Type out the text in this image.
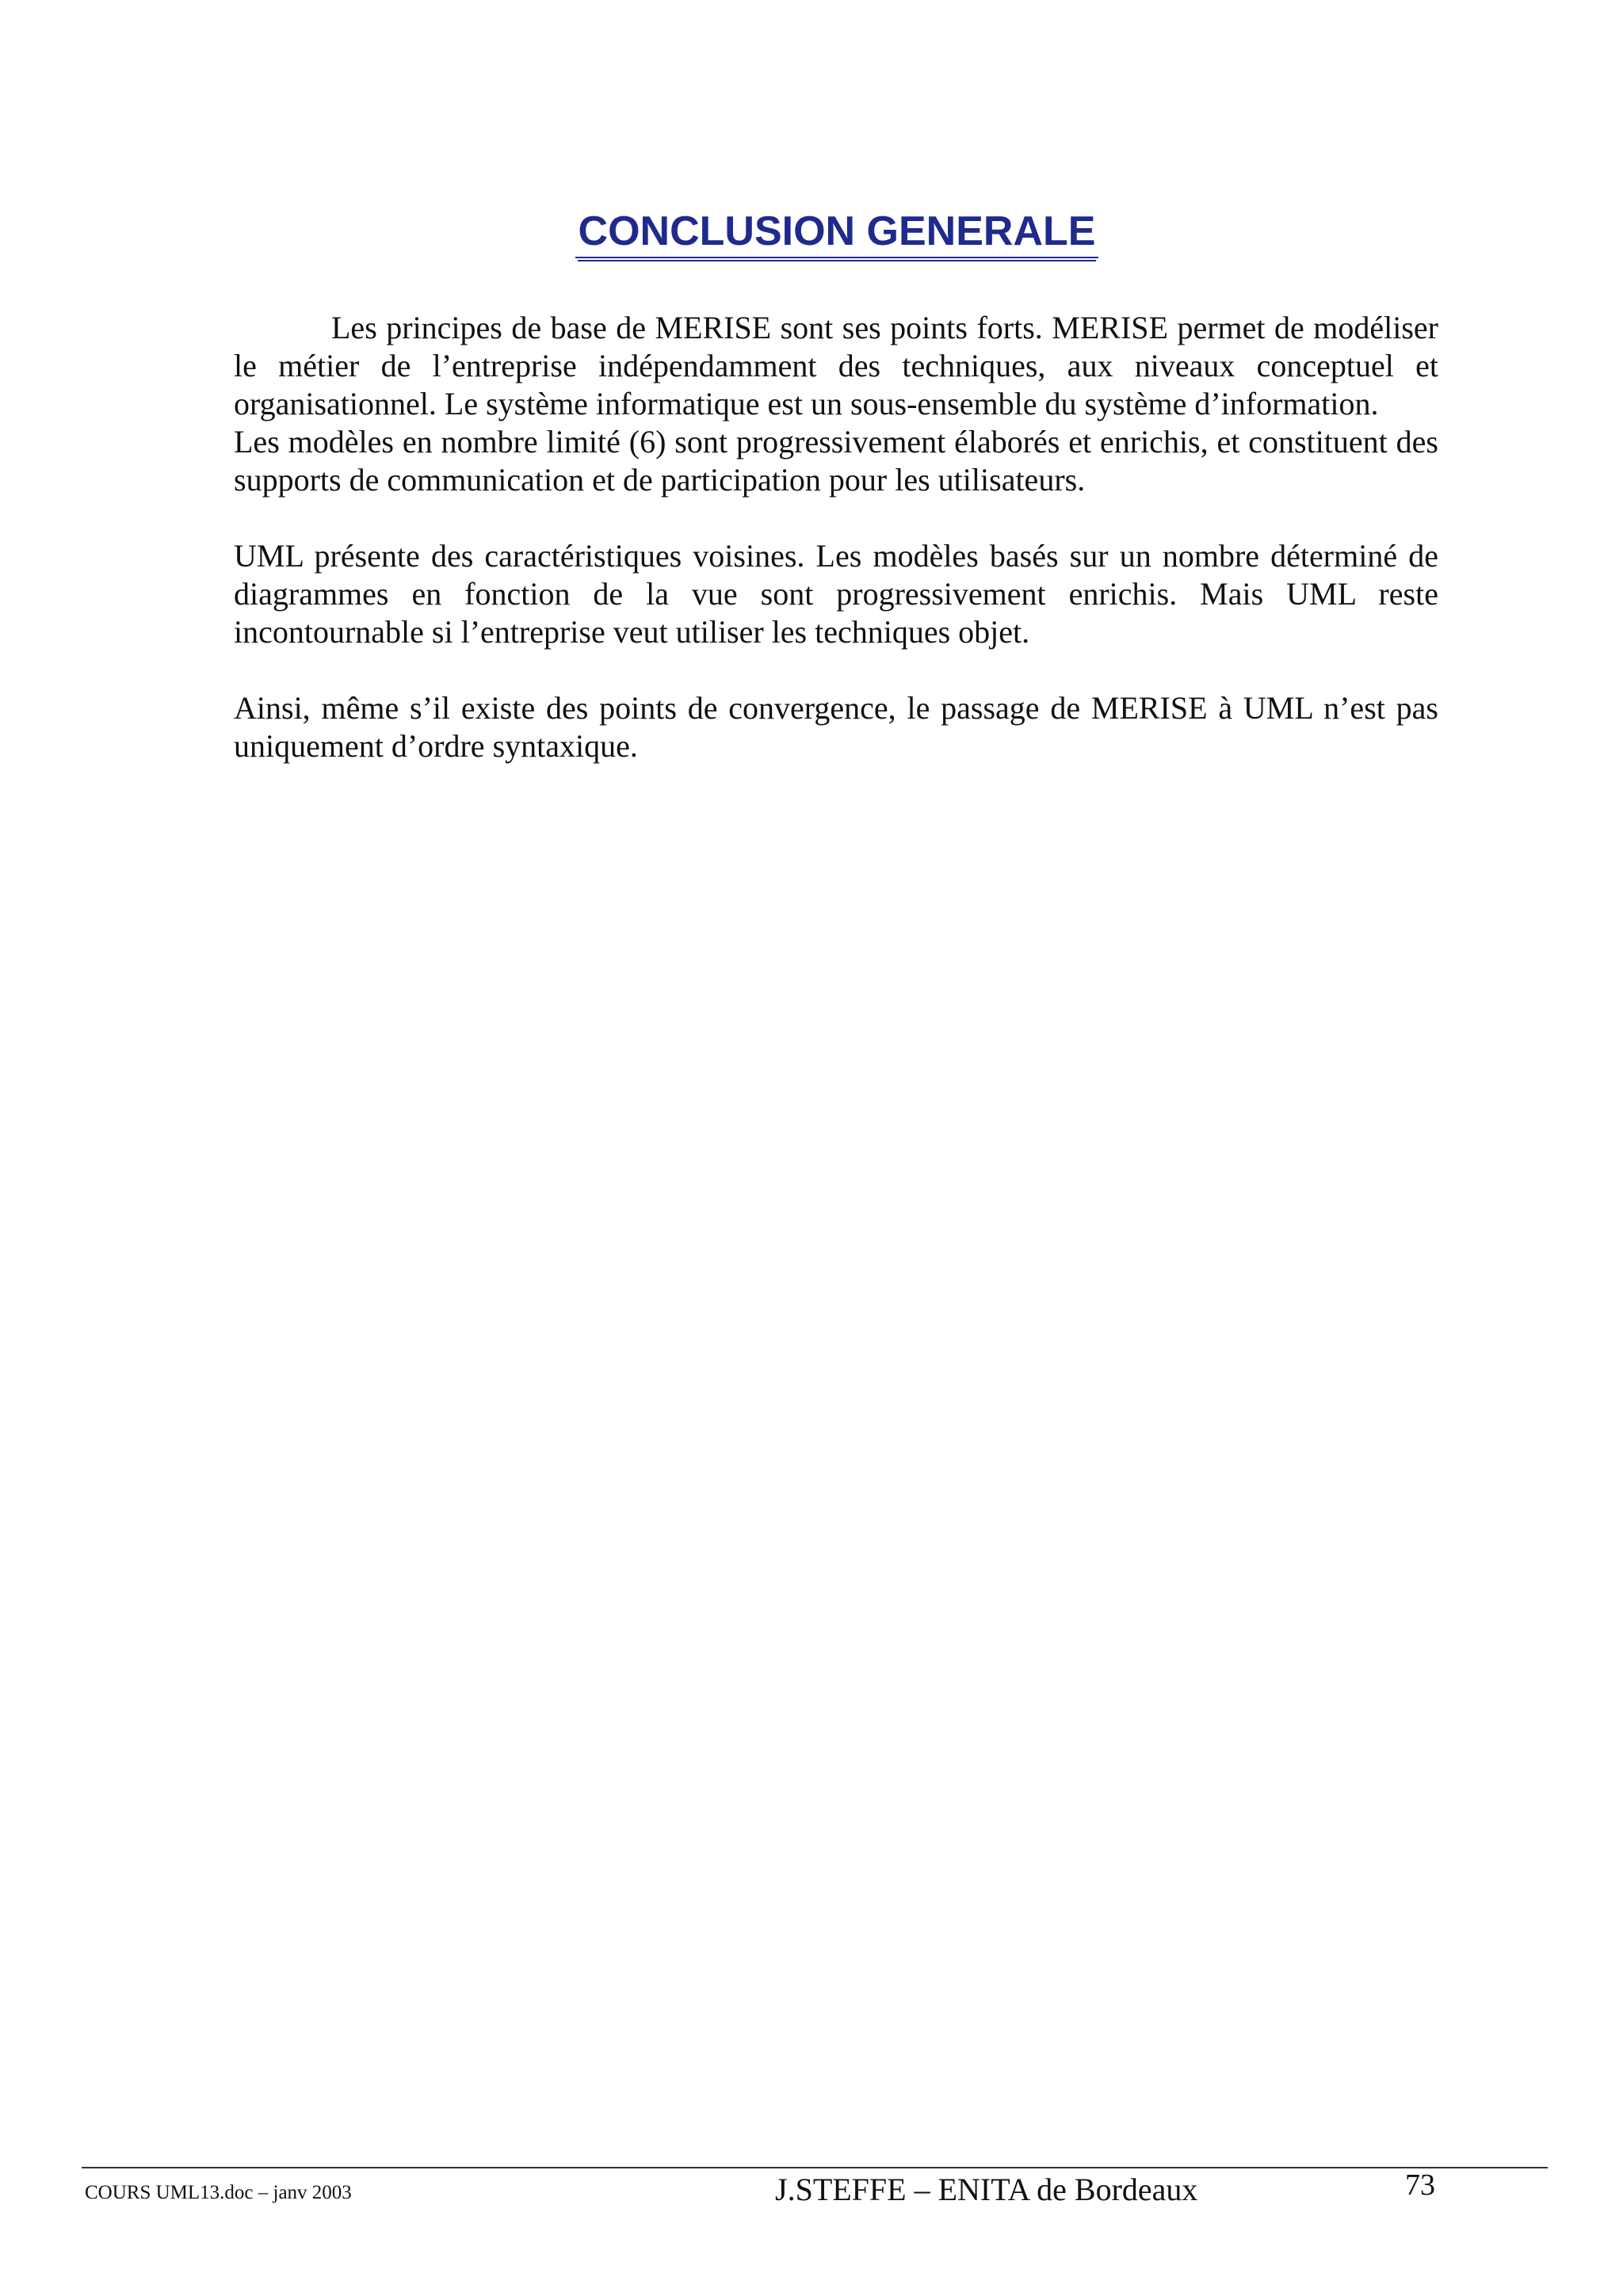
CONCLUSION GENERALE

Les principes de base de MERISE sont ses points forts. MERISE permet de modéliser le métier de l’entreprise indépendamment des techniques, aux niveaux conceptuel et organisationnel. Le système informatique est un sous-ensemble du système d’information.

Les modèles en nombre limité (6) sont progressivement élaborés et enrichis, et constituent des supports de communication et de participation pour les utilisateurs.

UML présente des caractéristiques voisines. Les modèles basés sur un nombre déterminé de diagrammes en fonction de la vue sont progressivement enrichis. Mais UML reste incontournable si l’entreprise veut utiliser les techniques objet.

Ainsi, même s’il existe des points de convergence, le passage de MERISE à UML n’est pas uniquement d’ordre syntaxique.

COURS UML13.doc – janv 2003	J.STEFFE – ENITA de Bordeaux	73
